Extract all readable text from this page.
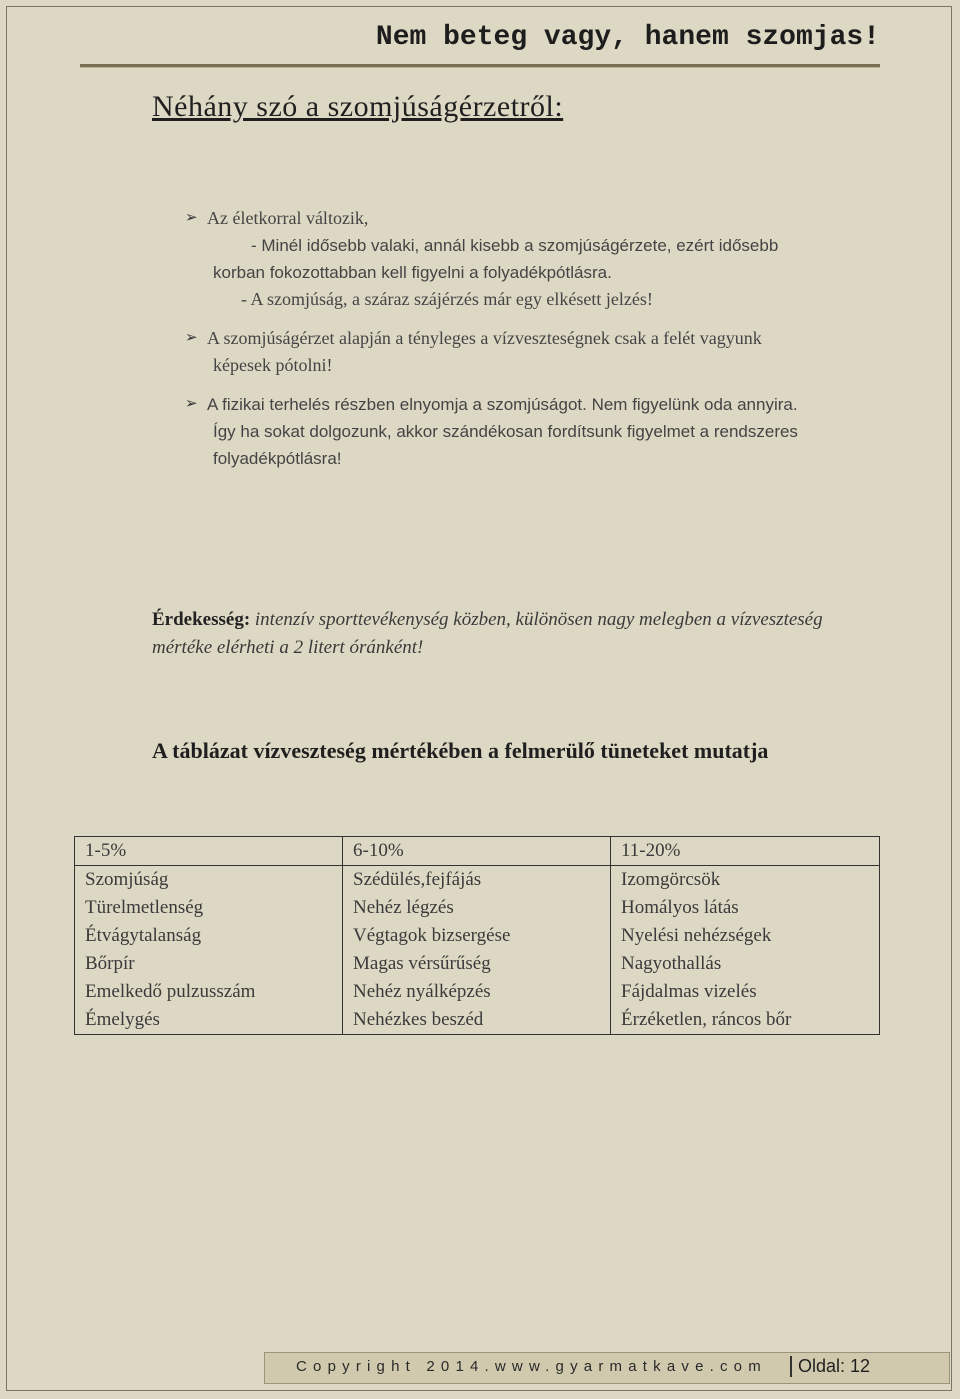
Nem beteg vagy, hanem szomjas!
Néhány szó a szomjúságérzetről:
➢ Az életkorral változik,
- Minél idősebb valaki, annál kisebb a szomjúságérzete, ezért idősebb
korban fokozottabban kell figyelni a folyadékpótlásra.
- A szomjúság, a száraz szájérzés már egy elkésett jelzés!
➢ A szomjúságérzet alapján a tényleges a vízveszteségnek csak a felét vagyunk
képesek pótolni!
➢ A fizikai terhelés részben elnyomja a szomjúságot. Nem figyelünk oda annyira.
Így ha sokat dolgozunk, akkor szándékosan fordítsunk figyelmet a rendszeres
folyadékpótlásra!
Érdekesség: intenzív sporttevékenység közben, különösen nagy melegben a vízveszteség mértéke elérheti a 2 litert óránként!
A táblázat vízveszteség mértékében a felmerülő tüneteket mutatja
1-5%	6-10%	11-20%
Szomjúság	Szédülés,fejfájás	Izomgörcsök
Türelmetlenség	Nehéz légzés	Homályos látás
Étvágytalanság	Végtagok bizsergése	Nyelési nehézségek
Bőrpír	Magas vérsűrűség	Nagyothallás
Emelkedő pulzusszám	Nehéz nyálképzés	Fájdalmas vizelés
Émelygés	Nehézkes beszéd	Érzéketlen, ráncos bőr
Copyright 2014.www.gyarmatkave.com	Oldal: 12
